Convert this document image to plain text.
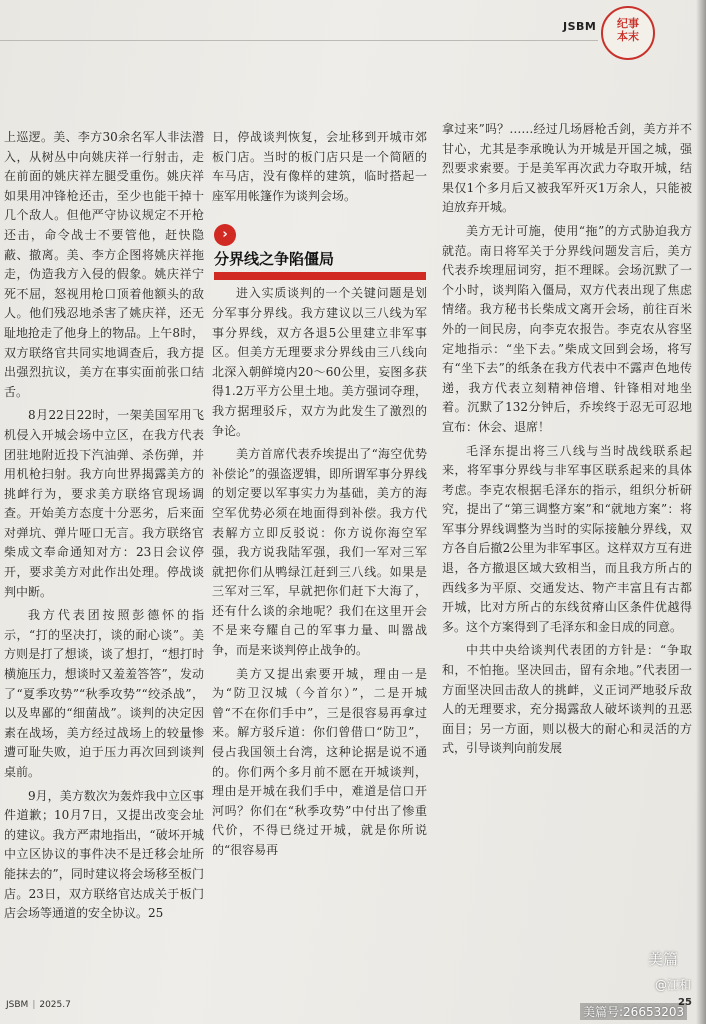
JSBM	纪事
本末

上巡逻。美、李方30余名军人非法潜入，从树丛中向姚庆祥一行射击，走在前面的姚庆祥左腿受重伤。姚庆祥如果用冲锋枪还击，至少也能干掉十几个敌人。但他严守协议规定不开枪还击，命令战士不要管他，赶快隐蔽、撤离。美、李方企图将姚庆祥拖走，伪造我方入侵的假象。姚庆祥宁死不屈，怒视用枪口顶着他额头的敌人。他们残忍地杀害了姚庆祥，还无耻地抢走了他身上的物品。上午8时，双方联络官共同实地调查后，我方提出强烈抗议，美方在事实面前张口结舌。

8月22日22时，一架美国军用飞机侵入开城会场中立区，在我方代表团驻地附近投下汽油弹、杀伤弹，并用机枪扫射。我方向世界揭露美方的挑衅行为，要求美方联络官现场调查。开始美方态度十分恶劣，后来面对弹坑、弹片哑口无言。我方联络官柴成文奉命通知对方：23日会议停开，要求美方对此作出处理。停战谈判中断。

我方代表团按照彭德怀的指示，“打的坚决打，谈的耐心谈”。美方则是打了想谈，谈了想打，“想打时横施压力，想谈时又羞羞答答”，发动了“夏季攻势”“秋季攻势”“绞杀战”，以及卑鄙的“细菌战”。谈判的决定因素在战场，美方经过战场上的较量惨遭可耻失败，迫于压力再次回到谈判桌前。

9月，美方数次为轰炸我中立区事件道歉；10月7日，又提出改变会址的建议。我方严肃地指出，“破坏开城中立区协议的事件决不是迁移会址所能抹去的”，同时建议将会场移至板门店。23日，双方联络官达成关于板门店会场等通道的安全协议。25

日，停战谈判恢复，会址移到开城市郊板门店。当时的板门店只是一个简陋的车马店，没有像样的建筑，临时搭起一座军用帐篷作为谈判会场。

›
分界线之争陷僵局

进入实质谈判的一个关键问题是划分军事分界线。我方建议以三八线为军事分界线，双方各退5公里建立非军事区。但美方无理要求分界线由三八线向北深入朝鲜境内20～60公里，妄图多获得1.2万平方公里土地。美方强词夺理，我方据理驳斥，双方为此发生了激烈的争论。

美方首席代表乔埃提出了“海空优势补偿论”的强盗逻辑，即所谓军事分界线的划定要以军事实力为基础，美方的海空军优势必须在地面得到补偿。我方代表解方立即反驳说：你方说你海空军强，我方说我陆军强，我们一军对三军就把你们从鸭绿江赶到三八线。如果是三军对三军，早就把你们赶下大海了，还有什么谈的余地呢？我们在这里开会不是来夸耀自己的军事力量、叫嚣战争，而是来谈判停止战争的。

美方又提出索要开城，理由一是为“防卫汉城（今首尔）”，二是开城曾“不在你们手中”，三是很容易再拿过来。解方驳斥道：你们曾借口“防卫”，侵占我国领土台湾，这种论据是说不通的。你们两个多月前不愿在开城谈判，理由是开城在我们手中，难道是信口开河吗？你们在“秋季攻势”中付出了惨重代价，不得已绕过开城，就是你所说的“很容易再

拿过来”吗？……经过几场唇枪舌剑，美方并不甘心，尤其是李承晚认为开城是开国之城，强烈要求索要。于是美军再次武力夺取开城，结果仅1个多月后又被我军歼灭1万余人，只能被迫放弃开城。

美方无计可施，使用“拖”的方式胁迫我方就范。南日将军关于分界线问题发言后，美方代表乔埃理屈词穷，拒不理睬。会场沉默了一个小时，谈判陷入僵局，双方代表出现了焦虑情绪。我方秘书长柴成文离开会场，前往百米外的一间民房，向李克农报告。李克农从容坚定地指示：“坐下去。”柴成文回到会场，将写有“坐下去”的纸条在我方代表中不露声色地传递，我方代表立刻精神倍增、针锋相对地坐着。沉默了132分钟后，乔埃终于忍无可忍地宣布：休会、退席！

毛泽东提出将三八线与当时战线联系起来，将军事分界线与非军事区联系起来的具体考虑。李克农根据毛泽东的指示，组织分析研究，提出了“第三调整方案”和“就地方案”：将军事分界线调整为当时的实际接触分界线，双方各自后撤2公里为非军事区。这样双方互有进退，各方撤退区域大致相当，而且我方所占的西线多为平原、交通发达、物产丰富且有古都开城，比对方所占的东线贫瘠山区条件优越得多。这个方案得到了毛泽东和金日成的同意。

中共中央给谈判代表团的方针是：“争取和，不怕拖。坚决回击，留有余地。”代表团一方面坚决回击敌人的挑衅，义正词严地驳斥敌人的无理要求，充分揭露敌人破坏谈判的丑恶面目；另一方面，则以极大的耐心和灵活的方式，引导谈判向前发展

JSBM | 2025.7	25
美篇
@江和
美篇号:26653203
